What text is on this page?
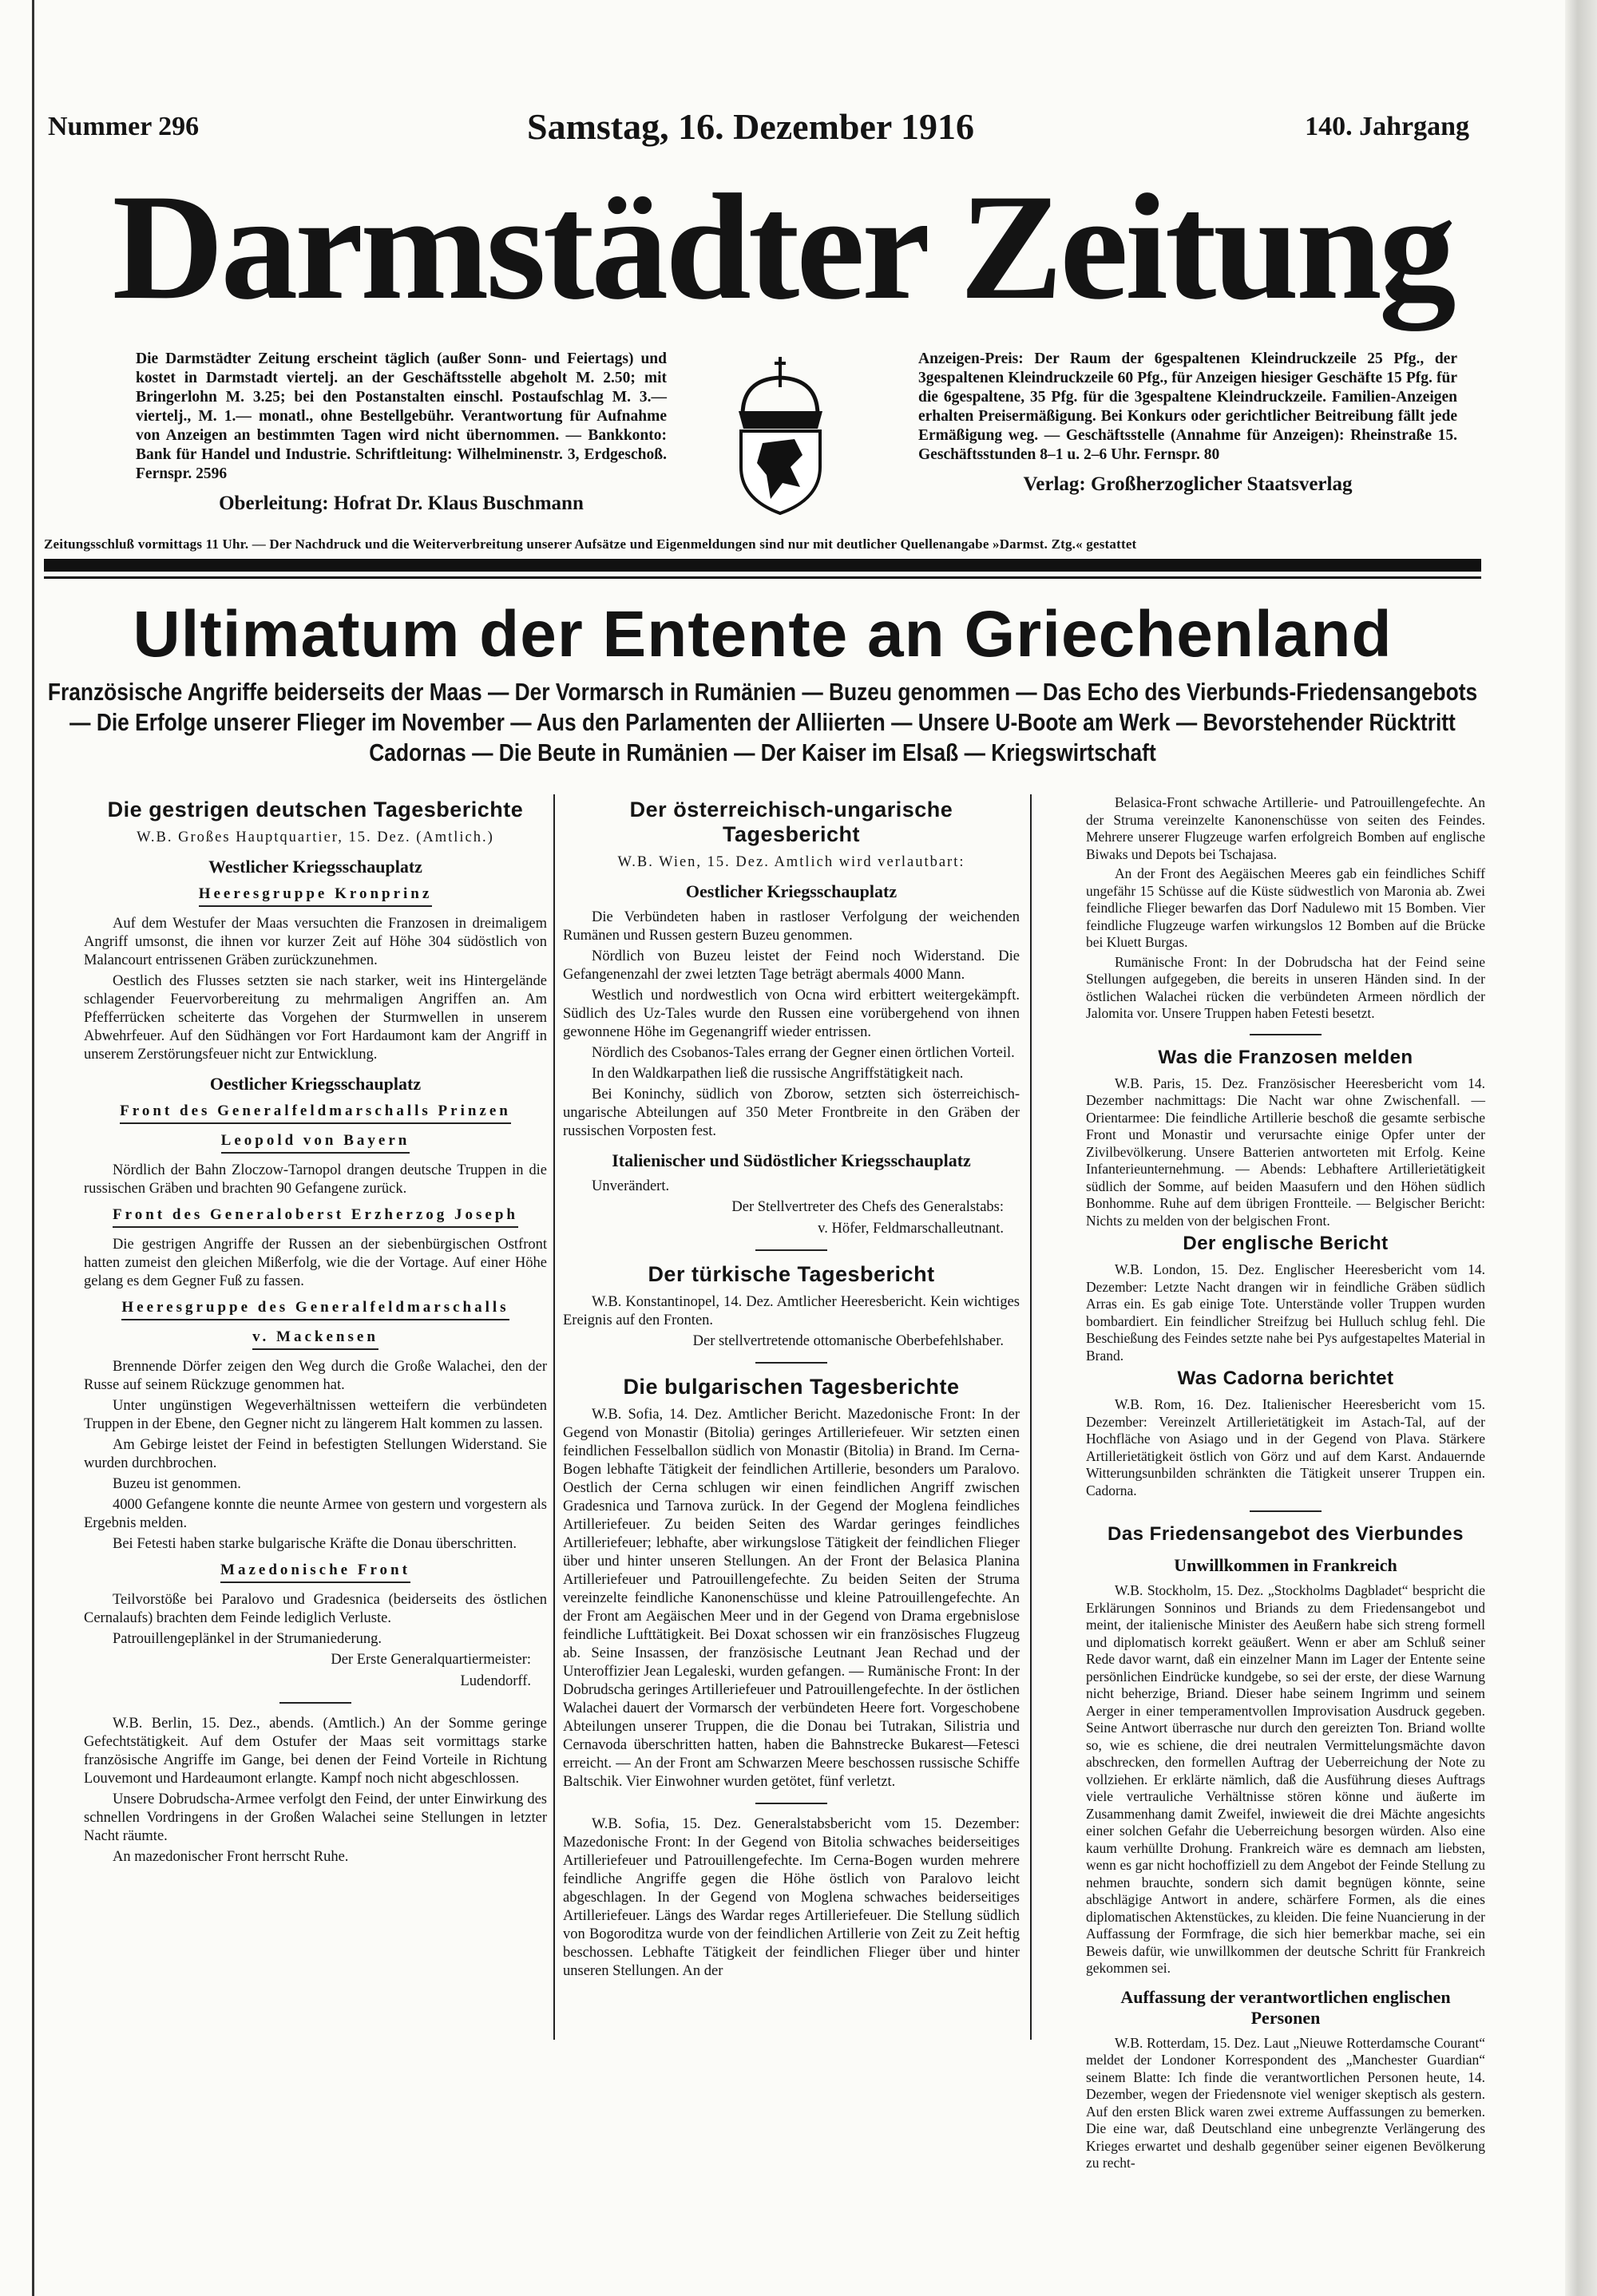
Nummer 296	Samstag, 16. Dezember 1916	140. Jahrgang
Darmstädter Zeitung
Die Darmstädter Zeitung erscheint täglich (außer Sonn- und Feiertags) und kostet in Darmstadt viertelj. an der Geschäftsstelle abgeholt M. 2.50; mit Bringerlohn M. 3.25; bei den Postanstalten einschl. Postaufschlag M. 3.— viertelj., M. 1.— monatl., ohne Bestellgebühr. Verantwortung für Aufnahme von Anzeigen an bestimmten Tagen wird nicht übernommen. — Bankkonto: Bank für Handel und Industrie. Schriftleitung: Wilhelminenstr. 3, Erdgeschoß. Fernspr. 2596
Oberleitung: Hofrat Dr. Klaus Buschmann
Anzeigen-Preis: Der Raum der 6gespaltenen Kleindruckzeile 25 Pfg., der 3gespaltenen Kleindruckzeile 60 Pfg., für Anzeigen hiesiger Geschäfte 15 Pfg. für die 6gespaltene, 35 Pfg. für die 3gespaltene Kleindruckzeile. Familien-Anzeigen erhalten Preisermäßigung. Bei Konkurs oder gerichtlicher Beitreibung fällt jede Ermäßigung weg. — Geschäftsstelle (Annahme für Anzeigen): Rheinstraße 15. Geschäftsstunden 8–1 u. 2–6 Uhr. Fernspr. 80
Verlag: Großherzoglicher Staatsverlag
Zeitungsschluß vormittags 11 Uhr. — Der Nachdruck und die Weiterverbreitung unserer Aufsätze und Eigenmeldungen sind nur mit deutlicher Quellenangabe »Darmst. Ztg.« gestattet
Ultimatum der Entente an Griechenland
Französische Angriffe beiderseits der Maas — Der Vormarsch in Rumänien — Buzeu genommen — Das Echo des Vierbunds-Friedensangebots — Die Erfolge unserer Flieger im November — Aus den Parlamenten der Alliierten — Unsere U-Boote am Werk — Bevorstehender Rücktritt Cadornas — Die Beute in Rumänien — Der Kaiser im Elsaß — Kriegswirtschaft
Die gestrigen deutschen Tagesberichte
W.B. Großes Hauptquartier, 15. Dez. (Amtlich.)
Westlicher Kriegsschauplatz
Heeresgruppe Kronprinz
Auf dem Westufer der Maas versuchten die Franzosen in dreimaligem Angriff umsonst, die ihnen vor kurzer Zeit auf Höhe 304 südöstlich von Malancourt entrissenen Gräben zurückzunehmen.
Oestlich des Flusses setzten sie nach starker, weit ins Hintergelände schlagender Feuervorbereitung zu mehrmaligen Angriffen an. Am Pfefferrücken scheiterte das Vorgehen der Sturmwellen in unserem Abwehrfeuer. Auf den Südhängen vor Fort Hardaumont kam der Angriff in unserem Zerstörungsfeuer nicht zur Entwicklung.
Oestlicher Kriegsschauplatz
Front des Generalfeldmarschalls Prinzen
Leopold von Bayern
Nördlich der Bahn Zloczow-Tarnopol drangen deutsche Truppen in die russischen Gräben und brachten 90 Gefangene zurück.
Front des Generaloberst Erzherzog Joseph
Die gestrigen Angriffe der Russen an der siebenbürgischen Ostfront hatten zumeist den gleichen Mißerfolg, wie die der Vortage. Auf einer Höhe gelang es dem Gegner Fuß zu fassen.
Heeresgruppe des Generalfeldmarschalls
v. Mackensen
Brennende Dörfer zeigen den Weg durch die Große Walachei, den der Russe auf seinem Rückzuge genommen hat.
Unter ungünstigen Wegeverhältnissen wetteifern die verbündeten Truppen in der Ebene, den Gegner nicht zu längerem Halt kommen zu lassen.
Am Gebirge leistet der Feind in befestigten Stellungen Widerstand. Sie wurden durchbrochen.
Buzeu ist genommen.
4000 Gefangene konnte die neunte Armee von gestern und vorgestern als Ergebnis melden.
Bei Fetesti haben starke bulgarische Kräfte die Donau überschritten.
Mazedonische Front
Teilvorstöße bei Paralovo und Gradesnica (beiderseits des östlichen Cernalaufs) brachten dem Feinde lediglich Verluste.
Patrouillengeplänkel in der Strumaniederung.
Der Erste Generalquartiermeister:
Ludendorff.
W.B. Berlin, 15. Dez., abends. (Amtlich.) An der Somme geringe Gefechtstätigkeit. Auf dem Ostufer der Maas seit vormittags starke französische Angriffe im Gange, bei denen der Feind Vorteile in Richtung Louvemont und Hardeaumont erlangte. Kampf noch nicht abgeschlossen.
Unsere Dobrudscha-Armee verfolgt den Feind, der unter Einwirkung des schnellen Vordringens in der Großen Walachei seine Stellungen in letzter Nacht räumte.
An mazedonischer Front herrscht Ruhe.
Der österreichisch-ungarische Tagesbericht
W.B. Wien, 15. Dez. Amtlich wird verlautbart:
Oestlicher Kriegsschauplatz
Die Verbündeten haben in rastloser Verfolgung der weichenden Rumänen und Russen gestern Buzeu genommen.
Nördlich von Buzeu leistet der Feind noch Widerstand. Die Gefangenenzahl der zwei letzten Tage beträgt abermals 4000 Mann.
Westlich und nordwestlich von Ocna wird erbittert weitergekämpft. Südlich des Uz-Tales wurde den Russen eine vorübergehend von ihnen gewonnene Höhe im Gegenangriff wieder entrissen.
Nördlich des Csobanos-Tales errang der Gegner einen örtlichen Vorteil.
In den Waldkarpathen ließ die russische Angriffstätigkeit nach.
Bei Koninchy, südlich von Zborow, setzten sich österreichisch-ungarische Abteilungen auf 350 Meter Frontbreite in den Gräben der russischen Vorposten fest.
Italienischer und Südöstlicher Kriegsschauplatz
Unverändert.
Der Stellvertreter des Chefs des Generalstabs:
v. Höfer, Feldmarschalleutnant.
Der türkische Tagesbericht
W.B. Konstantinopel, 14. Dez. Amtlicher Heeresbericht. Kein wichtiges Ereignis auf den Fronten.
Der stellvertretende ottomanische Oberbefehlshaber.
Die bulgarischen Tagesberichte
W.B. Sofia, 14. Dez. Amtlicher Bericht. Mazedonische Front: In der Gegend von Monastir (Bitolia) geringes Artilleriefeuer. Wir setzten einen feindlichen Fesselballon südlich von Monastir (Bitolia) in Brand. Im Cerna-Bogen lebhafte Tätigkeit der feindlichen Artillerie, besonders um Paralovo. Oestlich der Cerna schlugen wir einen feindlichen Angriff zwischen Gradesnica und Tarnova zurück. In der Gegend der Moglena feindliches Artilleriefeuer. Zu beiden Seiten des Wardar geringes feindliches Artilleriefeuer; lebhafte, aber wirkungslose Tätigkeit der feindlichen Flieger über und hinter unseren Stellungen. An der Front der Belasica Planina Artilleriefeuer und Patrouillengefechte. Zu beiden Seiten der Struma vereinzelte feindliche Kanonenschüsse und kleine Patrouillengefechte. An der Front am Aegäischen Meer und in der Gegend von Drama ergebnislose feindliche Lufttätigkeit. Bei Doxat schossen wir ein französisches Flugzeug ab. Seine Insassen, der französische Leutnant Jean Rechad und der Unteroffizier Jean Legaleski, wurden gefangen. — Rumänische Front: In der Dobrudscha geringes Artilleriefeuer und Patrouillengefechte. In der östlichen Walachei dauert der Vormarsch der verbündeten Heere fort. Vorgeschobene Abteilungen unserer Truppen, die die Donau bei Tutrakan, Silistria und Cernavoda überschritten hatten, haben die Bahnstrecke Bukarest—Fetesci erreicht. — An der Front am Schwarzen Meere beschossen russische Schiffe Baltschik. Vier Einwohner wurden getötet, fünf verletzt.
W.B. Sofia, 15. Dez. Generalstabsbericht vom 15. Dezember: Mazedonische Front: In der Gegend von Bitolia schwaches beiderseitiges Artilleriefeuer und Patrouillengefechte. Im Cerna-Bogen wurden mehrere feindliche Angriffe gegen die Höhe östlich von Paralovo leicht abgeschlagen. In der Gegend von Moglena schwaches beiderseitiges Artilleriefeuer. Längs des Wardar reges Artilleriefeuer. Die Stellung südlich von Bogoroditza wurde von der feindlichen Artillerie von Zeit zu Zeit heftig beschossen. Lebhafte Tätigkeit der feindlichen Flieger über und hinter unseren Stellungen. An der
Belasica-Front schwache Artillerie- und Patrouillengefechte. An der Struma vereinzelte Kanonenschüsse von seiten des Feindes. Mehrere unserer Flugzeuge warfen erfolgreich Bomben auf englische Biwaks und Depots bei Tschajasa.
An der Front des Aegäischen Meeres gab ein feindliches Schiff ungefähr 15 Schüsse auf die Küste südwestlich von Maronia ab. Zwei feindliche Flieger bewarfen das Dorf Nadulewo mit 15 Bomben. Vier feindliche Flugzeuge warfen wirkungslos 12 Bomben auf die Brücke bei Kluett Burgas.
Rumänische Front: In der Dobrudscha hat der Feind seine Stellungen aufgegeben, die bereits in unseren Händen sind. In der östlichen Walachei rücken die verbündeten Armeen nördlich der Jalomita vor. Unsere Truppen haben Fetesti besetzt.
Was die Franzosen melden
W.B. Paris, 15. Dez. Französischer Heeresbericht vom 14. Dezember nachmittags: Die Nacht war ohne Zwischenfall. — Orientarmee: Die feindliche Artillerie beschoß die gesamte serbische Front und Monastir und verursachte einige Opfer unter der Zivilbevölkerung. Unsere Batterien antworteten mit Erfolg. Keine Infanterieunternehmung. — Abends: Lebhaftere Artillerietätigkeit südlich der Somme, auf beiden Maasufern und den Höhen südlich Bonhomme. Ruhe auf dem übrigen Frontteile. — Belgischer Bericht: Nichts zu melden von der belgischen Front.
Der englische Bericht
W.B. London, 15. Dez. Englischer Heeresbericht vom 14. Dezember: Letzte Nacht drangen wir in feindliche Gräben südlich Arras ein. Es gab einige Tote. Unterstände voller Truppen wurden bombardiert. Ein feindlicher Streifzug bei Hulluch schlug fehl. Die Beschießung des Feindes setzte nahe bei Pys aufgestapeltes Material in Brand.
Was Cadorna berichtet
W.B. Rom, 16. Dez. Italienischer Heeresbericht vom 15. Dezember: Vereinzelt Artillerietätigkeit im Astach-Tal, auf der Hochfläche von Asiago und in der Gegend von Plava. Stärkere Artillerietätigkeit östlich von Görz und auf dem Karst. Andauernde Witterungsunbilden schränkten die Tätigkeit unserer Truppen ein. Cadorna.
Das Friedensangebot des Vierbundes
Unwillkommen in Frankreich
W.B. Stockholm, 15. Dez. „Stockholms Dagbladet“ bespricht die Erklärungen Sonninos und Briands zu dem Friedensangebot und meint, der italienische Minister des Aeußern habe sich streng formell und diplomatisch korrekt geäußert. Wenn er aber am Schluß seiner Rede davor warnt, daß ein einzelner Mann im Lager der Entente seine persönlichen Eindrücke kundgebe, so sei der erste, der diese Warnung nicht beherzige, Briand. Dieser habe seinem Ingrimm und seinem Aerger in einer temperamentvollen Improvisation Ausdruck gegeben. Seine Antwort überrasche nur durch den gereizten Ton. Briand wollte so, wie es schiene, die drei neutralen Vermittelungsmächte davon abschrecken, den formellen Auftrag der Ueberreichung der Note zu vollziehen. Er erklärte nämlich, daß die Ausführung dieses Auftrags viele vertrauliche Verhältnisse stören könne und äußerte im Zusammenhang damit Zweifel, inwieweit die drei Mächte angesichts einer solchen Gefahr die Ueberreichung besorgen würden. Also eine kaum verhüllte Drohung. Frankreich wäre es demnach am liebsten, wenn es gar nicht hochoffiziell zu dem Angebot der Feinde Stellung zu nehmen brauchte, sondern sich damit begnügen könnte, seine abschlägige Antwort in andere, schärfere Formen, als die eines diplomatischen Aktenstückes, zu kleiden. Die feine Nuancierung in der Auffassung der Formfrage, die sich hier bemerkbar mache, sei ein Beweis dafür, wie unwillkommen der deutsche Schritt für Frankreich gekommen sei.
Auffassung der verantwortlichen englischen Personen
W.B. Rotterdam, 15. Dez. Laut „Nieuwe Rotterdamsche Courant“ meldet der Londoner Korrespondent des „Manchester Guardian“ seinem Blatte: Ich finde die verantwortlichen Personen heute, 14. Dezember, wegen der Friedensnote viel weniger skeptisch als gestern. Auf den ersten Blick waren zwei extreme Auffassungen zu bemerken. Die eine war, daß Deutschland eine unbegrenzte Verlängerung des Krieges erwartet und deshalb gegenüber seiner eigenen Bevölkerung zu recht-
